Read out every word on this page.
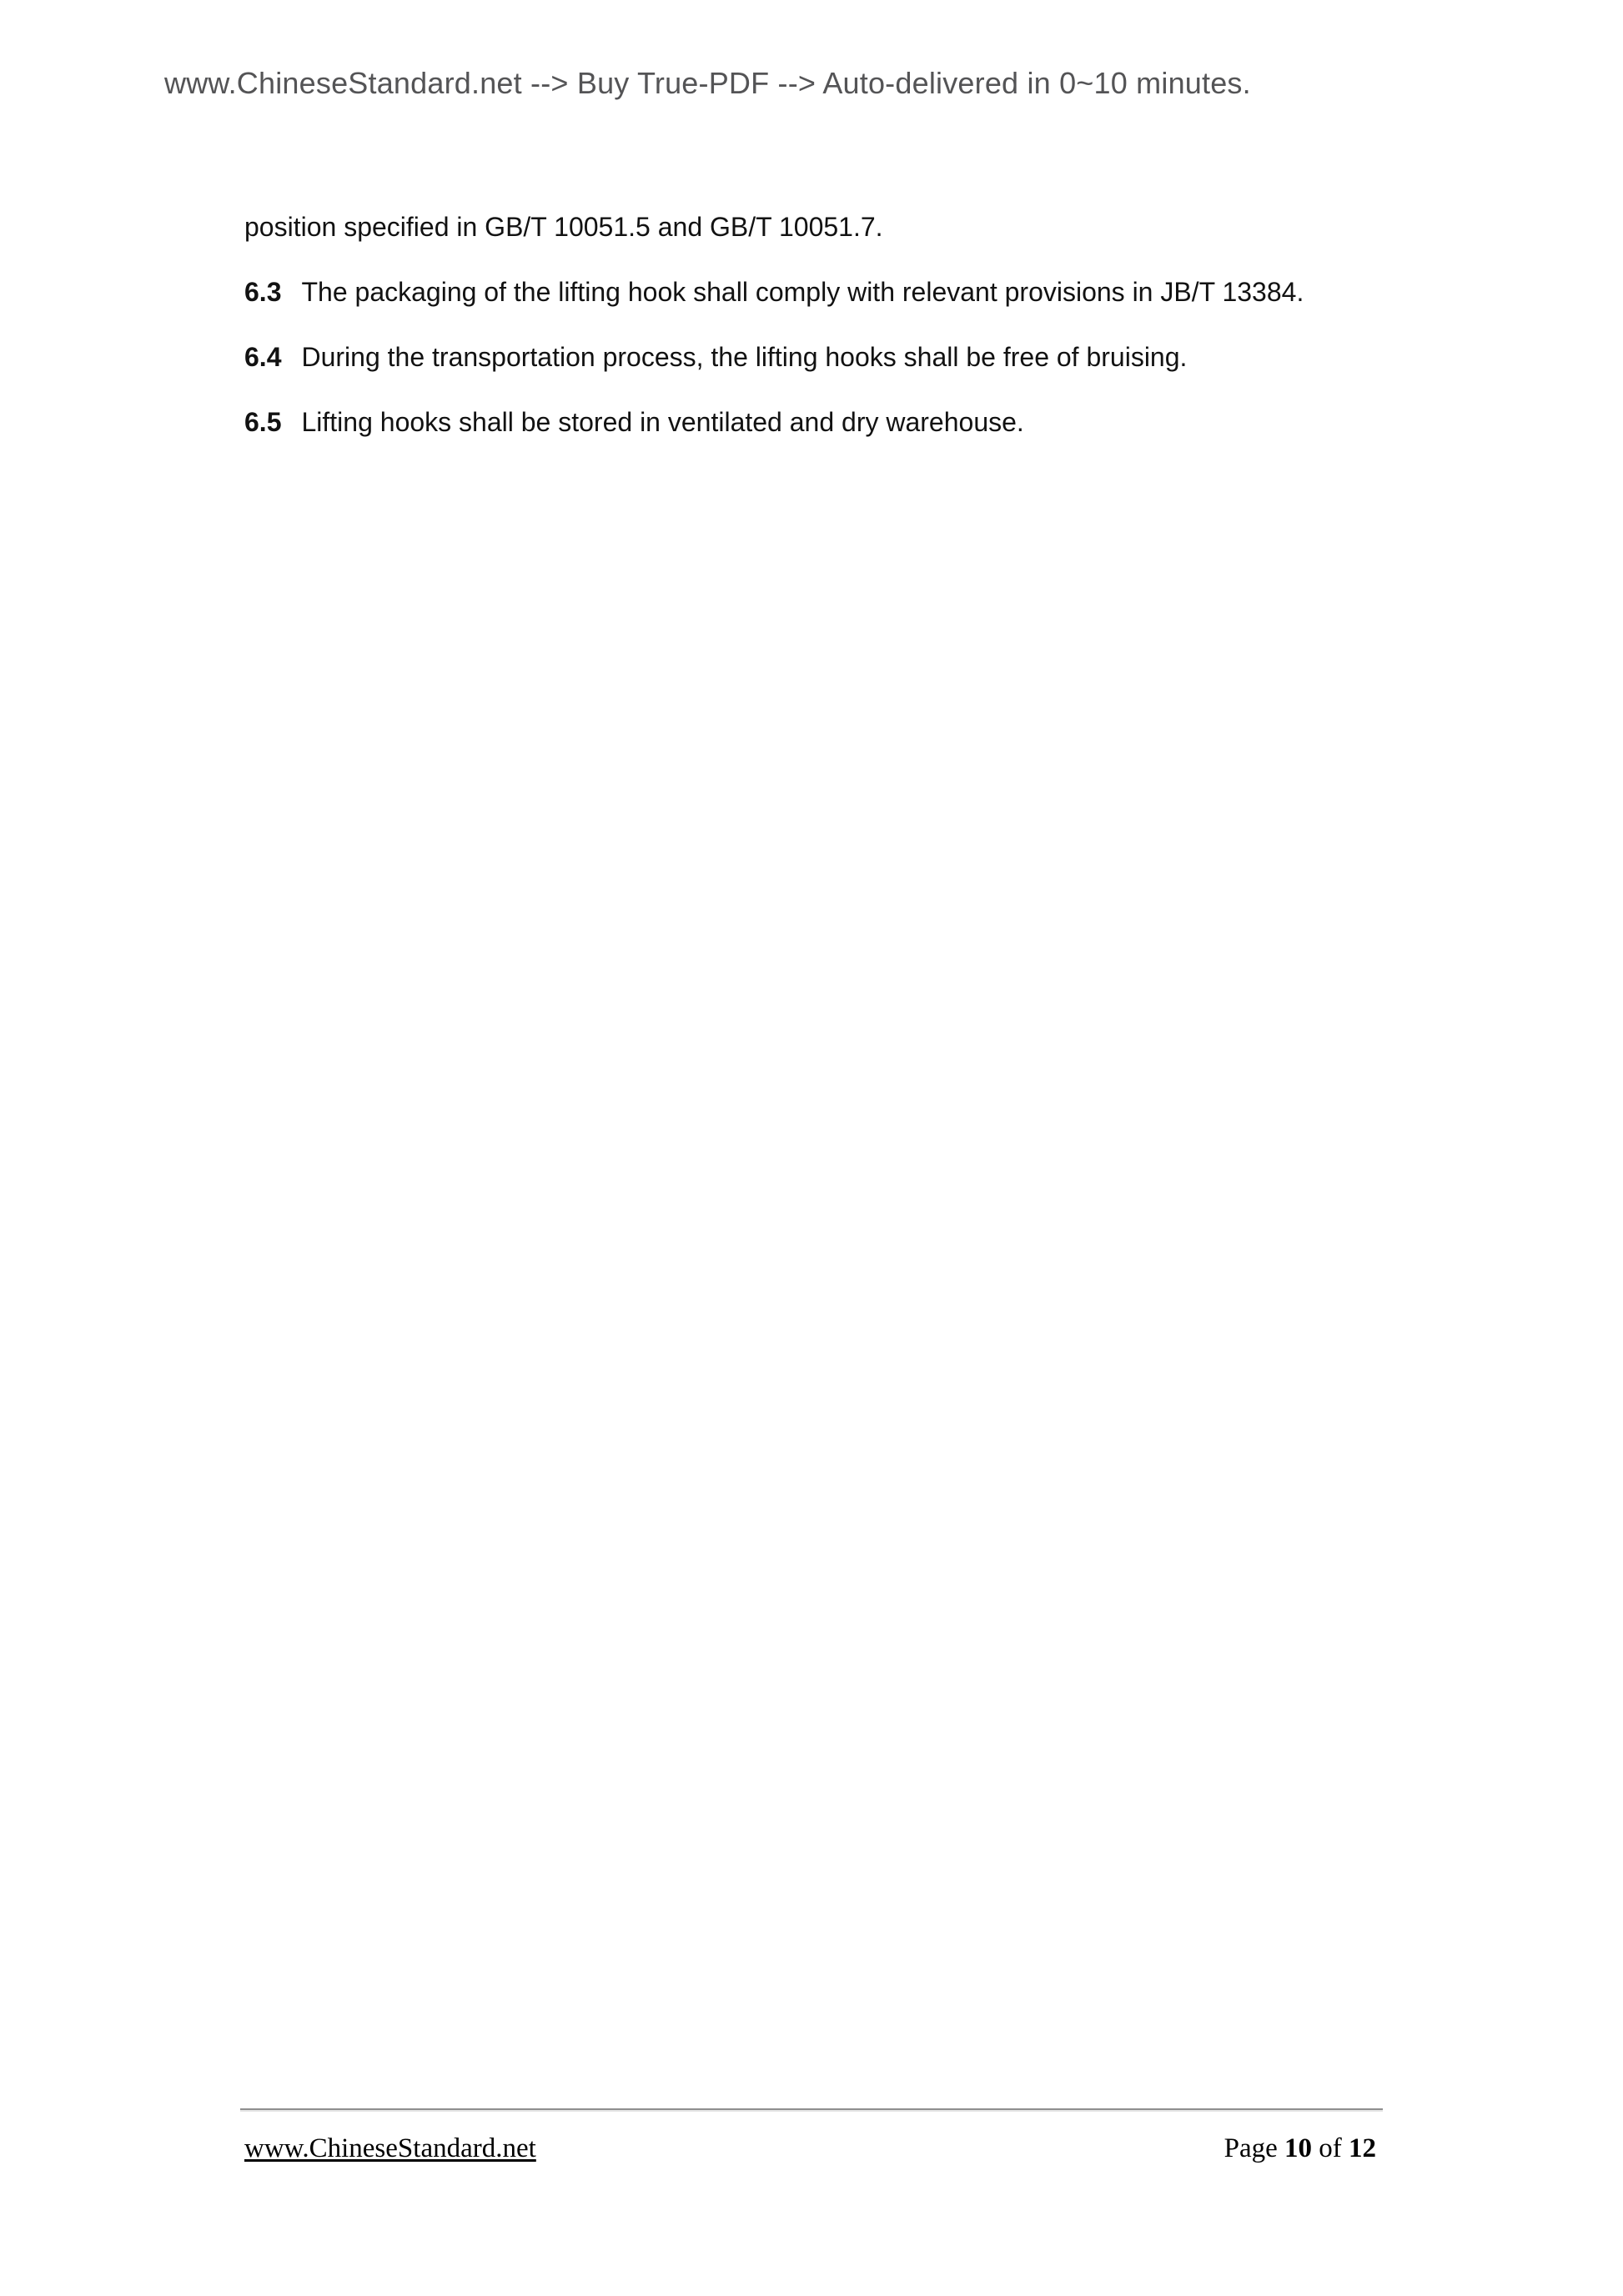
www.ChineseStandard.net --> Buy True-PDF --> Auto-delivered in 0~10 minutes.

position specified in GB/T 10051.5 and GB/T 10051.7.

6.3 The packaging of the lifting hook shall comply with relevant provisions in JB/T 13384.

6.4 During the transportation process, the lifting hooks shall be free of bruising.

6.5 Lifting hooks shall be stored in ventilated and dry warehouse.

www.ChineseStandard.net	Page 10 of 12
